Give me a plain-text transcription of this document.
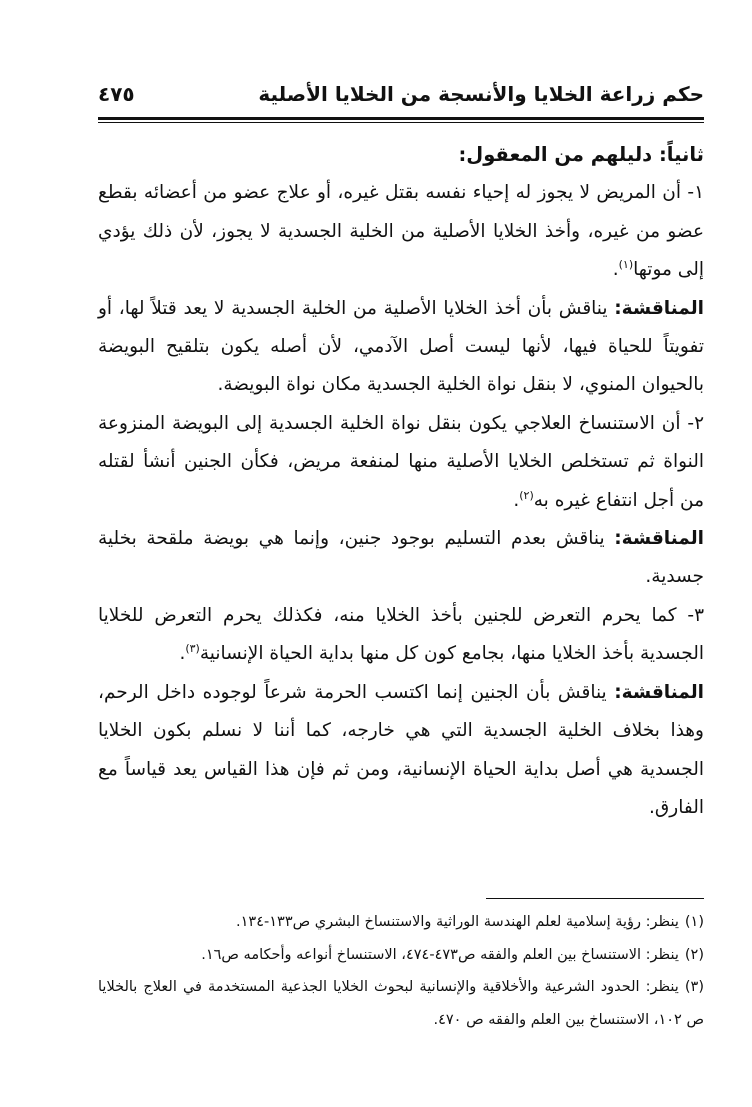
حكم زراعة الخلايا والأنسجة من الخلايا الأصلية
٤٧٥

ثانياً: دليلهم من المعقول:

١- أن المريض لا يجوز له إحياء نفسه بقتل غيره، أو علاج عضو من أعضائه بقطع عضو من غيره، وأخذ الخلايا الأصلية من الخلية الجسدية لا يجوز، لأن ذلك يؤدي إلى موتها$^{(١)}$.

المناقشة: يناقش بأن أخذ الخلايا الأصلية من الخلية الجسدية لا يعد قتلاً لها، أو تفويتاً للحياة فيها، لأنها ليست أصل الآدمي، لأن أصله يكون بتلقيح البويضة بالحيوان المنوي، لا بنقل نواة الخلية الجسدية مكان نواة البويضة.

٢- أن الاستنساخ العلاجي يكون بنقل نواة الخلية الجسدية إلى البويضة المنزوعة النواة ثم تستخلص الخلايا الأصلية منها لمنفعة مريض، فكأن الجنين أنشأ لقتله من أجل انتفاع غيره به$^{(٢)}$.

المناقشة: يناقش بعدم التسليم بوجود جنين، وإنما هي بويضة ملقحة بخلية جسدية.

٣- كما يحرم التعرض للجنين بأخذ الخلايا منه، فكذلك يحرم التعرض للخلايا الجسدية بأخذ الخلايا منها، بجامع كون كل منها بداية الحياة الإنسانية$^{(٣)}$.

المناقشة: يناقش بأن الجنين إنما اكتسب الحرمة شرعاً لوجوده داخل الرحم، وهذا بخلاف الخلية الجسدية التي هي خارجه، كما أننا لا نسلم بكون الخلايا الجسدية هي أصل بداية الحياة الإنسانية، ومن ثم فإن هذا القياس يعد قياساً مع الفارق.

(١)ينظر: رؤية إسلامية لعلم الهندسة الوراثية والاستنساخ البشري ص١٣٣-١٣٤.

(٢)ينظر: الاستنساخ بين العلم والفقه ص٤٧٣-٤٧٤، الاستنساخ أنواعه وأحكامه ص١٦.

(٣)ينظر: الحدود الشرعية والأخلاقية والإنسانية لبحوث الخلايا الجذعية المستخدمة في العلاج بالخلايا ص ١٠٢، الاستنساخ بين العلم والفقه ص ٤٧٠.
